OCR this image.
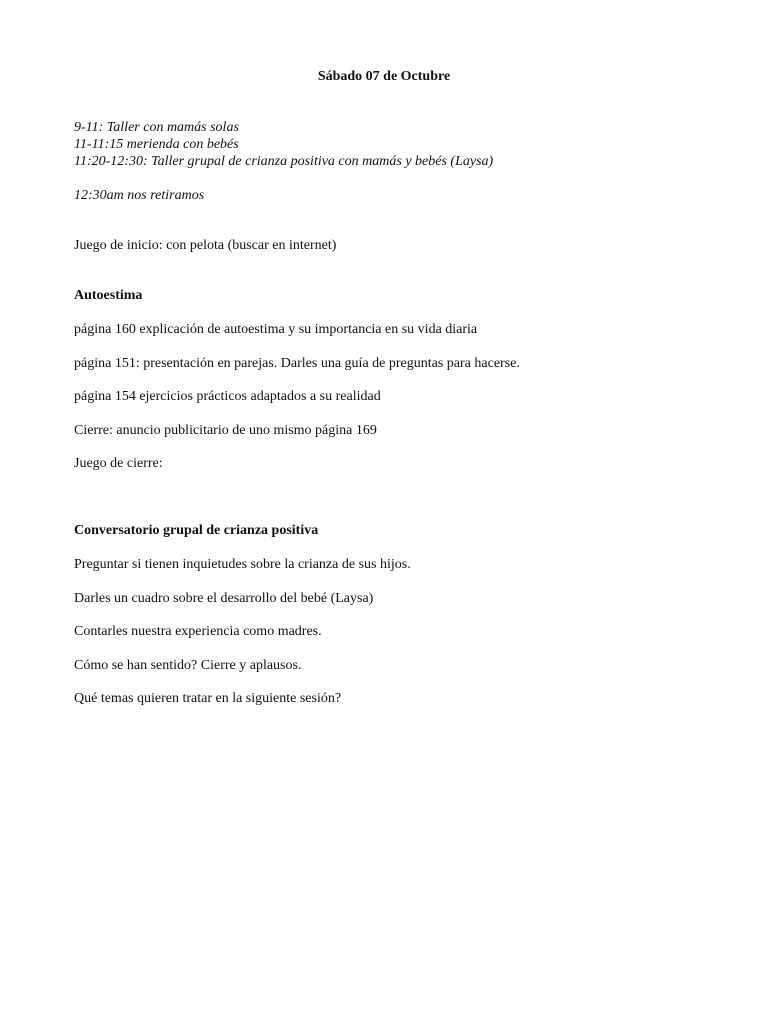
Sábado 07 de Octubre
9-11: Taller con mamás solas
11-11:15 merienda con bebés
11:20-12:30: Taller grupal de crianza positiva con mamás y bebés (Laysa)
12:30am nos retiramos
Juego de inicio: con pelota (buscar en internet)
Autoestima
página 160 explicación de autoestima y su importancia en su vida diaria
página 151: presentación en parejas. Darles una guía de preguntas para hacerse.
página 154 ejercicios prácticos adaptados a su realidad
Cierre: anuncio publicitario de uno mismo página 169
Juego de cierre:
Conversatorio grupal de crianza positiva
Preguntar si tienen inquietudes sobre la crianza de sus hijos.
Darles un cuadro sobre el desarrollo del bebé (Laysa)
Contarles nuestra experiencia como madres.
Cómo se han sentido? Cierre y aplausos.
Qué temas quieren tratar en la siguiente sesión?
